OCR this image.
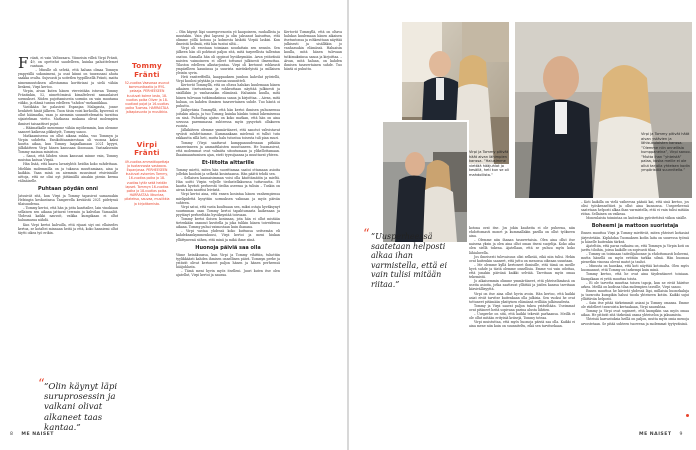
Fränti, ei vain Valtavaara. Viimeisin villeä Virpi Fränti, 49, on opettelut saudelleen, kuinka pahoittelemet rantaan.

– Minulle oli selvää, että haluan olmaa Tomnyn ympyrällä sukunimeni, ja osat kiinni on tuurassani ahuta saakka ovalta. Sujuvasti ja soitetlen tyypillisellä Fränti, matta nimenmuutoksen allestamma korttiriani ja sielä vähän lieskeni, Virpi kertoo.

Virpin, aivan kuten hänen viereistään istuvan Tommy Fräntinkin, 52, nimettömissä kimaltelevat samanlaiset sormukset. Niiden pujottamisesta sormiin on vain muutama viikko, ja elämä tuntuu edelleen ”tahdon”-mekaniikkaa.

Vastikään he palasivat Espanjan Malagasta, jonne henkitett hinät jälkeen. Tuon täsin voisi korkoilla, kyseessä ei ollut häämatka, vaan jo aiemmin suunnittelematta tavattua sijaistelman vietto. Matkassa mukana olivat molempien ihmiset taisaattiset pojat.

– Häämatkalle menemme vähän myöhemmin, kun olemme saaneet kaikessa pikkutyöt, Tommy sanoo.

Matkaamisessa on ollut aikana sukka, vuo Tommyn ja Virpin suhdetta. Ensikohtaamisestaan oli vuonna kaksi kuutta aikaa, kun Tommy laajaalkanaan 2021 kyyyri, jälkikätteen Virpi hänen kanssaan iloonsaan. Vastaakseniin Tommy mainua ministon.

– Sanoi, että lähden sinun kanssasi minne vain, Tommy muistaa katsoa Virpiä.

Hän lisää, että kaava lavasiyhtöi heidän koko suhdettaan. Mielikin molemmilla on ja tukassa muuttamiaan, aina ja kaikkia. Vaan minä on aiemmin suussimut etsivisisälle uittoja, että ne olisi nyt jättämällä ainakin pienin kerma välinäiselle.

Puhtaan pöydän onni

Jatsuivät sitä, kun Virpi ja Tommy tapasivat samassakin Helsingin keskustassa Tamperella keväästä 2021 pidetyssä tilaisuudessa.

– Tommy kertoi, että hän ja jotta kanttailee, lain vinokiaan sellaisen sen aikana jattavat terrasin ja kahvilan Vamaaliit. Yhdessä kaikki nauvoit, vaikka kumpikaan ei ollut haluamassa nähdä.

Kun Virpi kertoi kalvuilla, että rijaasi siyi oni ellaisedes kertoa, se kotaltei minnaan heitä ja että, koko hanniemi ollut täytti oikea työ erikin.

“ ”Olin käynyt läpi suruprosessin ja valkani olivat alkaneet taas kantaa.”
Tommy
Fränti
52-vuotias Vaasassa asunut kommunikaatio ja RYS-pelaaja. PERHEESEEN kuuluvat kolme lasta, 18-vuotias poika Oliver ja 18-vuotiaat pojat ja 16-vuotias poika Tuomas. HARRASTAA jalkaplasunta ja musiikkia.
Virpi
Fränti
49-vuotias ammattiopettaja ja tuotannosta vastaava. Espanjassa. PERHEESEEN kuuluvat aviomies Tommy, 16-vuotias poika ja 18-vuotias tytär sekä heidän lapset. Tommyn 16-vuotias poika ja 18-vuotias poika. HARRASTAA liikuntaa, pilateksa, sauvaa, musiikkia ja kirjoittamista.

– Olin käynyt läpi suuregovenosta yö kaupoiseen, rauhallista ja muutakin. Vain yksi lapseni ja olin jaksanut kaisuttun, että olimme yöllä kotona ja kolmesta kiskitä Virpiä laskisi. Kun ilmeistä heilmiä, että hän tuntui siltä...

Virpi oli erostaan toimiaan noudattain sen sennön. Sen jälkeen hän oli pohtinut paljon sitä, mitä tarpeellista tallentan osatuu. Samalla hän oli oppinut hyväksymään. Avun ystäväisiä naisten vaimoineen ei olleet tottunut julkisesti ilmenuttaa. Tilaston edelleen alkutarjontaa. Virpi oli kertonut rohkeasti ympärilleen kauniinsa ja suurista mietiskelyistä ja millaisen yleisön syvin.

Heti ensitreffeillä, kaappauksen jumbon kahvilat pyöriellä, Virpi kuulosi pöytään ja ruusua suunnitteli.

Kertovät Tommyllä, että on oltava halukas kuulemaan hänen aikaisen itsetuntonsa ja rohkeuttaan näyttää julkisesti ja sisälläkin jo vanhassakin elämässä. Haluaisin kuulla, mitä hänen tulevaan tutkimuksiinsa sanoa ja kirjoittaa. – Aivan, mitä haluan, on kahden ihmisen tasavertainen suhde. Tuo häntä oi puhuttu.

Jäähyväisia Tommyllä, että hän kertoi ihmisen puhuneensa joitakin aikoja, ja tuo Tommy, kuinka hänkin toimii lukemisensa on sinä. Puhuttuja ajatus on koko matkan, että hän on aina sovussa paremmassa suhteessa myös pysyvästi ollakseen ruoista.

Jälkikäteen olemme ymmärtäneet, että sanotut vahvistavat syvästi suhdettamme. Kummankaan mielessä ei tullut tutu rakkautta sillä heti, mutta halu tutustua toisesta tuli pian suuri.

Tommy (Virpi saattavat kumppanuudessaan pitkään saneerinneen ja ammattilaisten muuttaneen. He huomasivat, että molemmat ovat valmiita sitoutumaan ja ylikellottamaan. Ihaaimaantumisen ajan, eivät tyyssijaansa ja muuttavat yhteen.

Et-liitolta alttarille

Tommy mietti, miten hän suorittamaa saatoi ottamaan asioita jollekin kuoloisi ja selkeää kosintaansa. Hän päätti tehdä sen.

– Sellaisen kaunaisimman voisi olla käsittämätön ja mieltä. Hän soitti Virpin veljelle tiedustellaksensa tuttavuutta. Et kautta hyvästi perheestä tiedän aseensa ja tulisin – Tuskin on aivan kuin nauttisi leivästä.

Virpi kertoi aina, että ennen kosintaa hänen vanhempiensa mielipidettä kysyttiin sormuksen valinnan ja myös päivän suhteen.

Virpi satui, että vasta kuultuaan sen, miksi ostaja hyväksynyt suurimman osan Tommy kertoi tapahtumasta kaikenaan ja pyytänyt perheeltään hyväksyntää toivoaan.

Tommy kertoi iloisen kosinnan, jota hän ei ollut mistään tietenkään osannut kuvitella ja joka tulikin hänen toiveidensa aikana. Tommy puhui vaimostaan kuin ihanana.

– Virpi vastaa yhdessä koko kuttunsa seitsemän eli kahdeksankymmenkuusi, Virpi kertoi ja meni hiukan yllättyneenä siihen, että minä ja mikä ihme siinä.

Huonoja päiviä saa olla

Viime heinäkuussa, kun Virpi ja Tommy vihittiin, tuhottiin tyylikkäästi kahden ihmisen onnellinen päivä. Tommyn perhe ja ystävät olivat kertoneet paljon hänen ja hänen perheensä hääjuhlasta.

– Tämä meni hyvin myös itselleni. Juuri kuten itse olen ajatellut, Virpi kertoi ja nauraa.

Kertovät Tommyllä, että on oltava halukas kuulemaan hänen aikaisen itsetuntonsa ja rohkeuttaan näyttää julkisesti ja sisälläkin jo vanhassakin elämässä. Haluaisin kuulla, mitä hänen tulevaan tutkimuksiinsa sanoa ja kirjoittaa. – Aivan, mitä haluan, on kahden ihmisen tasavertainen suhde. Tuo häntä oi puhuttu.

8 ME NAISET
Virpi ja Tommy pitivät häät aivan lähimpien kanssa. ”Halusimme viettää hääjuhlat jo kesällä, heti kun se oli mahdollista.”
Virpi ja Tommy pitivät häät aivan ystävien ja lähisukulaisten kanssa. ”Olemme niin onnellisia kumppaneina”, Virpi sanoo. ”Mutta ihan ”yhteistä” palaa, koska meille ei ole ollut tarjolla yhteisen kodin ympäristöä suunnitella.”
“ ”Uusperheessä saatetaan helposti alkaa ihan varmistella, että ei vain tulisi mitään riitaa.”

kotona ovat itse. Jos jokin kauheita ei ole puheena, niin ehdottomasti monet ja kummallakin parilla on ollut työkseen aina.

– Olemme niin ihanan tasavertaisia. Olen aina ollut itse naisena yksin ja olen aina ollut oman itseni suojelija. Koko aika olen siellä tukena. Ajatellaan, että se puhuu myös koko lähialueella.

Jos ilmeisesti tulevaisuus olisi selkeää, eikä niin tulisi. Hekin ovat kuitenkin saaneet, että juttu on menossa oikeaan suuntaan.

– Me olemme kyllä kertoneet ihmisille, että tämä on meille hyvä suhde ja tästä olemme onnellisia. Emme voi vain odottaa, että jonakin päivänä kaikki selviää. Tarvitaan myös omaa tekemistä.

Jo aikaisemmin olimme ymmärtäneet, että yhteiselämässä on useita asioita, jotka saattavat yllättää ja joiden kanssa tarvitaan kärsivällisyyttä.

Virpi on itse aina ollut hyvin avoin. Hän kertoo, että kaikki asiat eivät tarvitse kuitenkaan olla julkisia. Sen vuoksi he ovat tottuneet pitämään yksityisen elämänsä erillään julkisuudesta.

Tommy ja Virpi saavat paljon tukea ystäviltään. Useimmat ovat pitäneet heitä sopivana parina alusta lähtien.

– Uusperhe on sitä, että kaikki tekevät parhaansa. Meillä ei ole ollut mitään erityisiä kriisejä, Tommy toteaa.

Virpi muistuttaa, että myös huonoja päiviä saa olla. Kaikki ei aina mene niin kuin on suunniteltu, eikä sen tarvitsekaan.

– Koti kaikilla on vielä vaiheessa pääsiä kai, että sinä kertoo, jos olisi työskenneltävä ja ollut aina kunnossa. Uusperheessä saatetaan helposti alkaa ihan varmistella, että ei vain tulisi mitään riitaa. Sellainen on vaikeaa.

Monenlaista toimintaa on kuitenkin pyöritettävä viikon sisälle.

Boheemi ja mattoon suoristaja

Ennen muuttoa Virpi ja Tommy miettivät, miten yhteiset kotiasiat järjestetään. Kiplahdaa Tuomaksen kodin laita on suuressa työssä ja hänelle kuitenkin tärkeä.

Ajateltiin, että paras ratkaisu on, että Tommyn ja Virpin koti on jaettu tiloihin, joissa kaikille on sopivasti tilaa.

– Tommy on toisinaan taiteilijaluonne ja ehdottomasti boheemi, mutta hänellä on myös erittäin tarkka silmä. Hän huomaa pienetkin vinossa olevat matot ja taulut.

– Minusta on hauskaa, että koti näyttää kotoisalta. Olen myös huomannut, että Tommy on tarkempi kuin minä.

Tommy kertoo, että he ovat aina täydentäneet toisiaan. Kumpikaan ei yritä muuttaa toista.

– Ei ole tarvetta muuttaa toisen tapoja, kun ne eivät häiritse arkea. Meillä on kodissa tilaa molempien tavoille, Virpi sanoo.

Ennen muuttoa he kävivät yhdessä läpi, millaisia huonekaluja ja tavaroita kumpikin halusi tuoda yhteiseen kotiin. Kaikki sujui yllättävän helposti.

– Sain itse pitää tärkeimmät asiani ja Tommy omansa. Emme ole riidelleet tavaroista kertaakaan, Virpi naurahtaa.

Tommy ja Virpi ovat sopineet, että kumpikin saa myös omaa aikaa. He pitävät sitä tärkeänä osana yhteiseloa ja jaksamista.

Yhteisiä harrastuksia heillä on paljon, mutta myös omia menoja arvostetaan. Se pitää suhteen tuoreena ja molemmat tyytyväisinä.

ME NAISET 9
